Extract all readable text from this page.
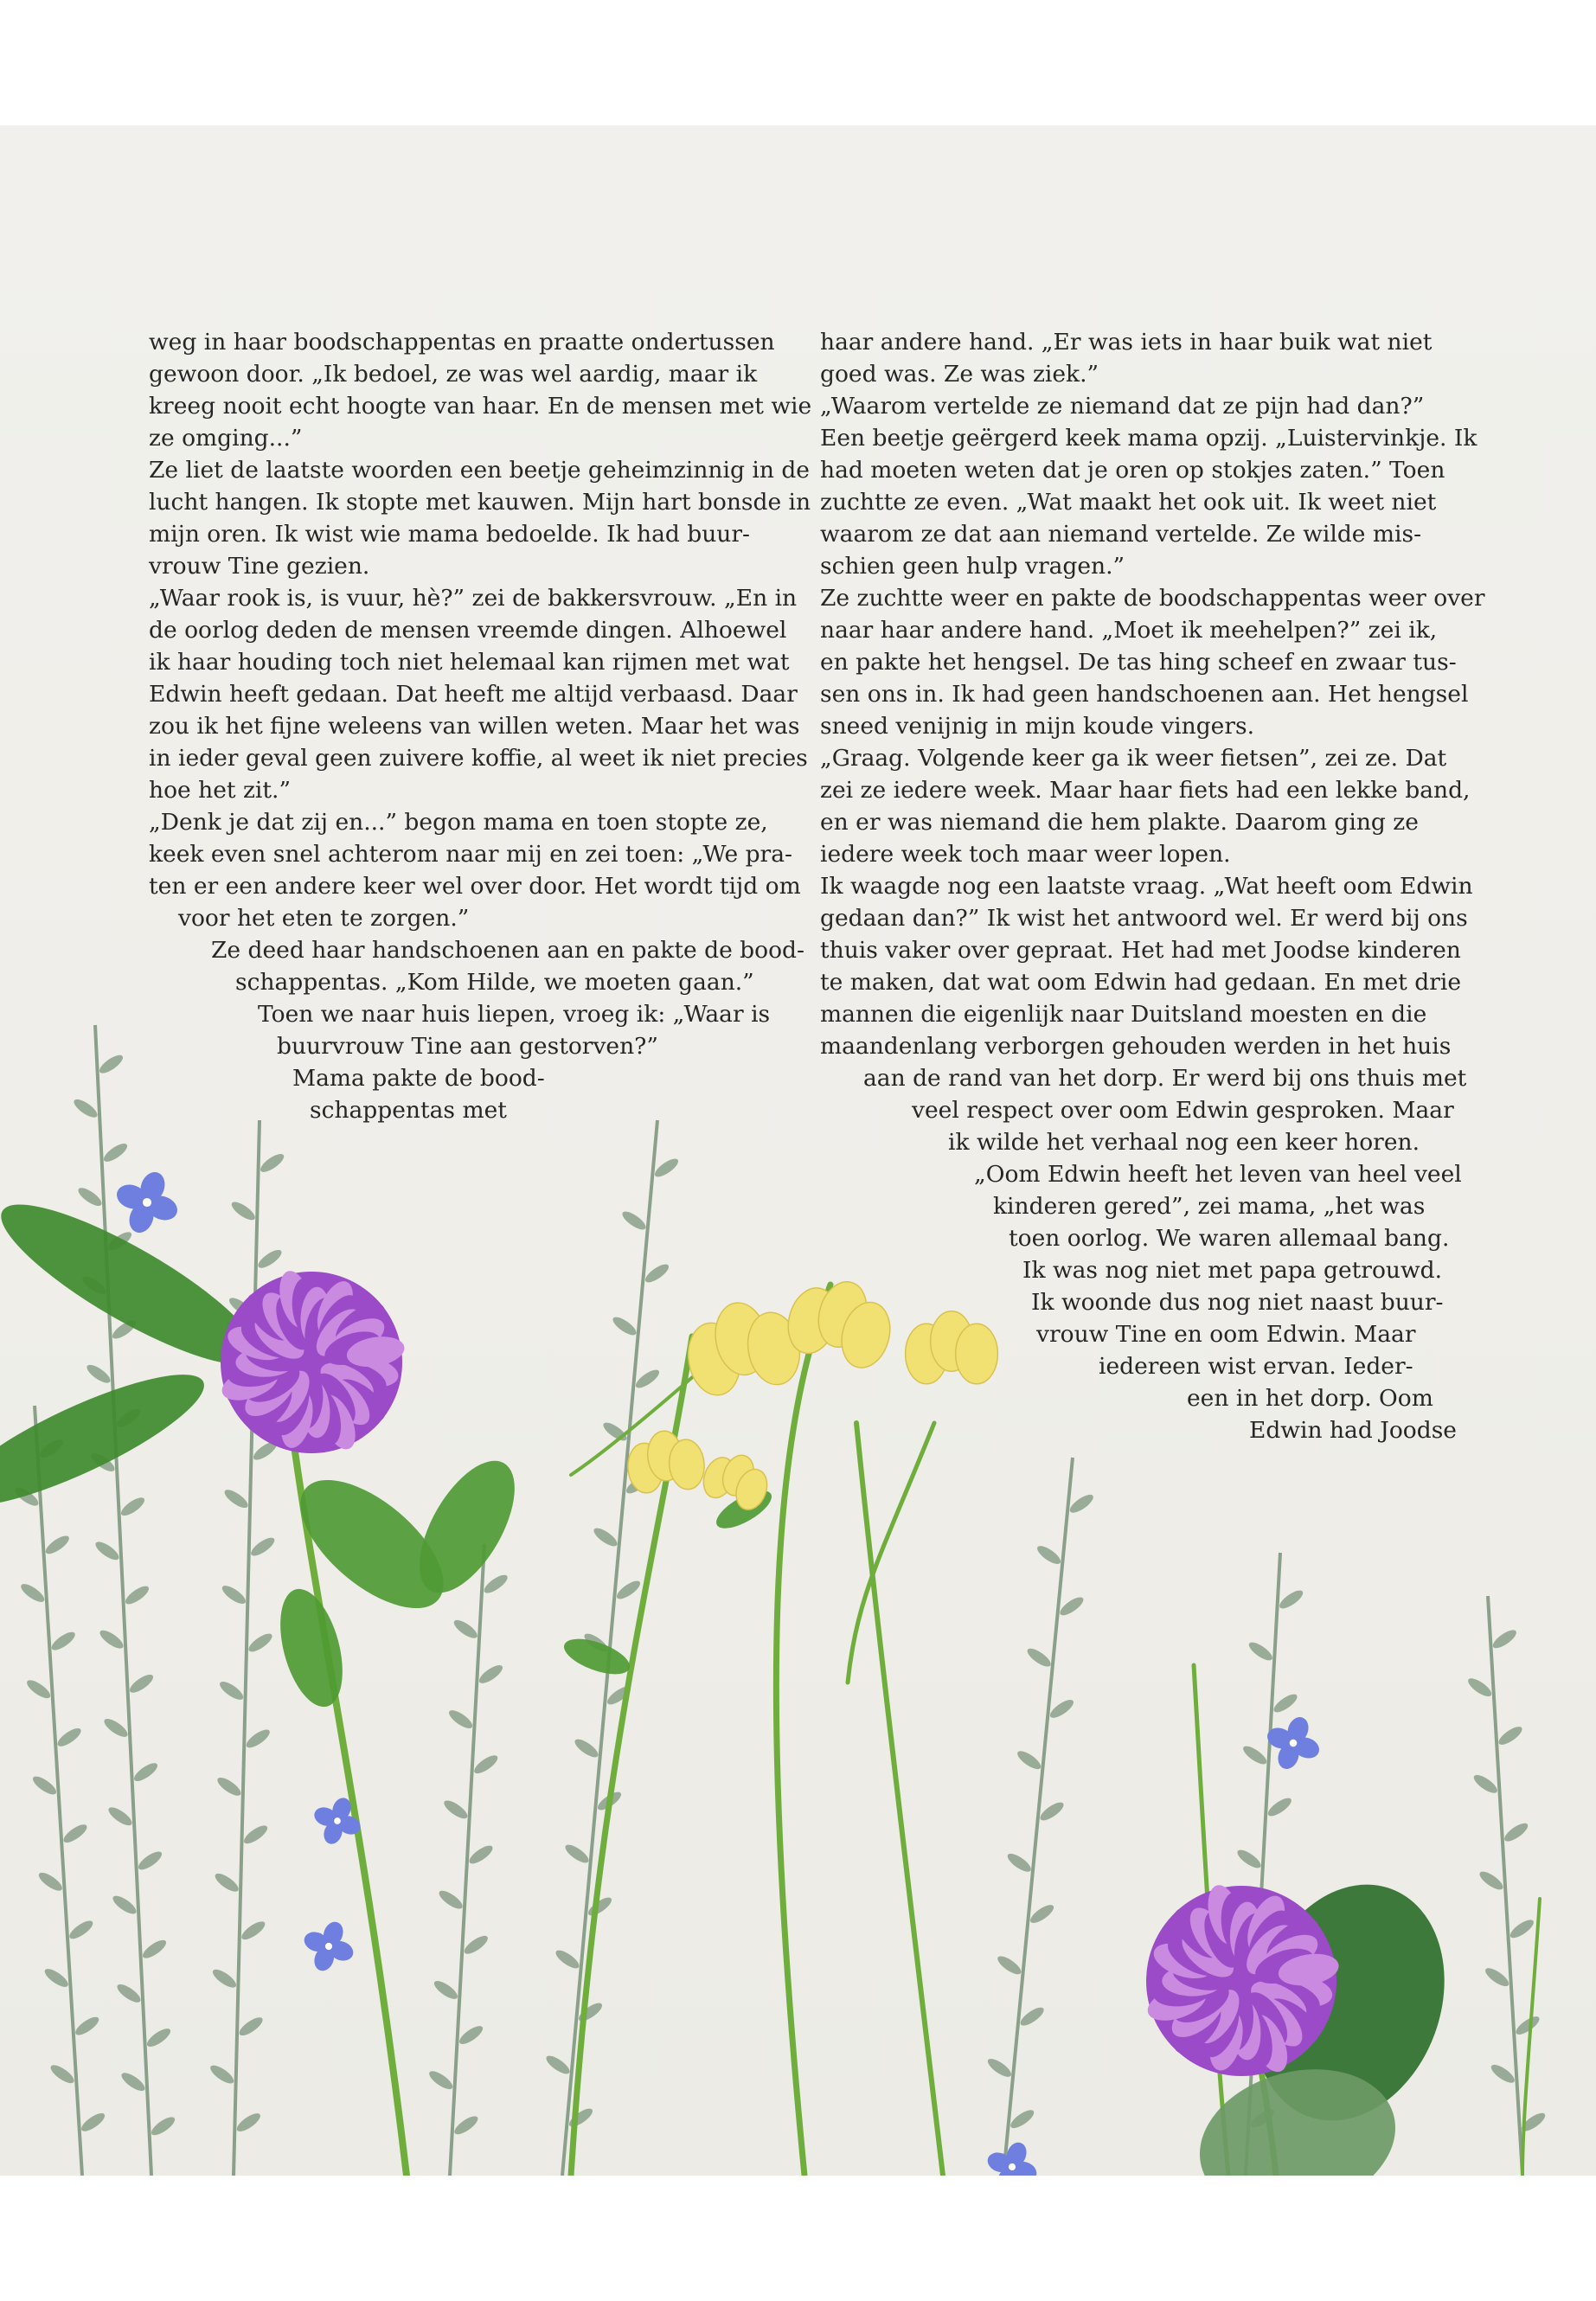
weg in haar boodschappentas en praatte ondertussen
gewoon door. „Ik bedoel, ze was wel aardig, maar ik
kreeg nooit echt hoogte van haar. En de mensen met wie
ze omging...”
Ze liet de laatste woorden een beetje geheimzinnig in de
lucht hangen. Ik stopte met kauwen. Mijn hart bonsde in
mijn oren. Ik wist wie mama bedoelde. Ik had buur-
vrouw Tine gezien.
„Waar rook is, is vuur, hè?” zei de bakkersvrouw. „En in
de oorlog deden de mensen vreemde dingen. Alhoewel
ik haar houding toch niet helemaal kan rijmen met wat
Edwin heeft gedaan. Dat heeft me altijd verbaasd. Daar
zou ik het fijne weleens van willen weten. Maar het was
in ieder geval geen zuivere koffie, al weet ik niet precies
hoe het zit.”
„Denk je dat zij en...” begon mama en toen stopte ze,
keek even snel achterom naar mij en zei toen: „We pra-
ten er een andere keer wel over door. Het wordt tijd om
voor het eten te zorgen.”
Ze deed haar handschoenen aan en pakte de bood-
schappentas. „Kom Hilde, we moeten gaan.”
Toen we naar huis liepen, vroeg ik: „Waar is
buurvrouw Tine aan gestorven?”
Mama pakte de bood-
schappentas met
haar andere hand. „Er was iets in haar buik wat niet
goed was. Ze was ziek.”
„Waarom vertelde ze niemand dat ze pijn had dan?”
Een beetje geërgerd keek mama opzij. „Luistervinkje. Ik
had moeten weten dat je oren op stokjes zaten.” Toen
zuchtte ze even. „Wat maakt het ook uit. Ik weet niet
waarom ze dat aan niemand vertelde. Ze wilde mis-
schien geen hulp vragen.”
Ze zuchtte weer en pakte de boodschappentas weer over
naar haar andere hand. „Moet ik meehelpen?” zei ik,
en pakte het hengsel. De tas hing scheef en zwaar tus-
sen ons in. Ik had geen handschoenen aan. Het hengsel
sneed venijnig in mijn koude vingers.
„Graag. Volgende keer ga ik weer fietsen”, zei ze. Dat
zei ze iedere week. Maar haar fiets had een lekke band,
en er was niemand die hem plakte. Daarom ging ze
iedere week toch maar weer lopen.
Ik waagde nog een laatste vraag. „Wat heeft oom Edwin
gedaan dan?” Ik wist het antwoord wel. Er werd bij ons
thuis vaker over gepraat. Het had met Joodse kinderen
te maken, dat wat oom Edwin had gedaan. En met drie
mannen die eigenlijk naar Duitsland moesten en die
maandenlang verborgen gehouden werden in het huis
aan de rand van het dorp. Er werd bij ons thuis met
veel respect over oom Edwin gesproken. Maar
ik wilde het verhaal nog een keer horen.
„Oom Edwin heeft het leven van heel veel
kinderen gered”, zei mama, „het was
toen oorlog. We waren allemaal bang.
Ik was nog niet met papa getrouwd.
Ik woonde dus nog niet naast buur-
vrouw Tine en oom Edwin. Maar
iedereen wist ervan. Ieder-
een in het dorp. Oom
Edwin had Joodse
